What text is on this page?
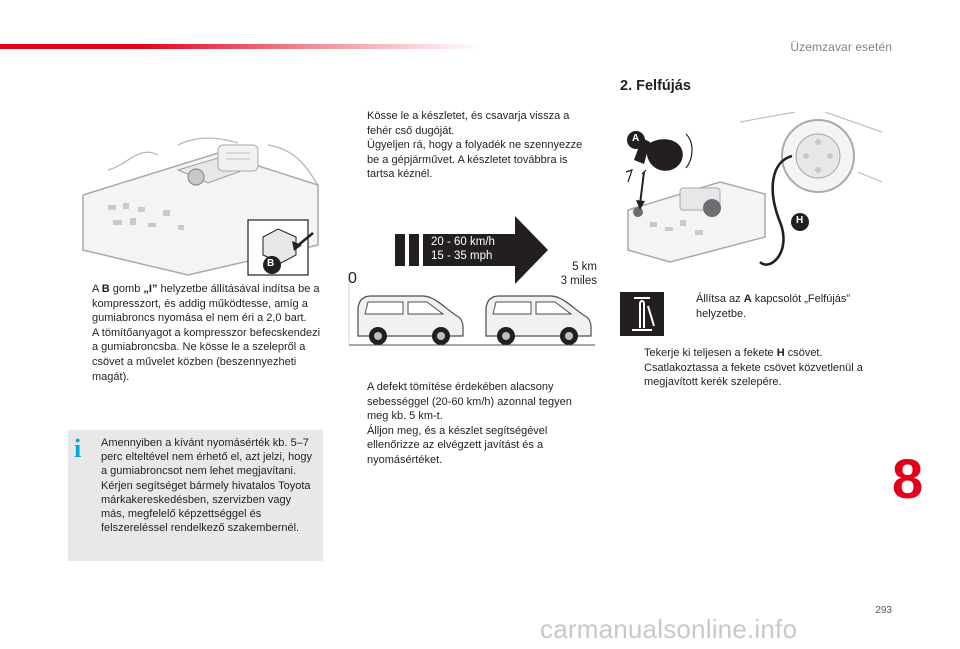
Üzemzavar esetén
B
A B gomb „I” helyzetbe állításával indítsa be a kompresszort, és addig működtesse, amíg a gumiabroncs nyomása el nem éri a 2,0 bart.
A tömítőanyagot a kompresszor befecskendezi a gumiabroncsba. Ne kösse le a szelepről a csövet a művelet közben (beszennyezheti magát).
i Amennyiben a kívánt nyomásérték kb. 5–7 perc elteltével nem érhető el, azt jelzi, hogy a gumiabroncsot nem lehet megjavítani. Kérjen segítséget bármely hivatalos Toyota márkakereskedésben, szervizben vagy más, megfelelő képzettséggel és felszereléssel rendelkező szakembernél.
Kösse le a készletet, és csavarja vissza a fehér cső dugóját.
Ügyeljen rá, hogy a folyadék ne szennyezze be a gépjárművet. A készletet továbbra is tartsa kéznél.
20 - 60 km/h
15 - 35 mph
0
5 km
3 miles
A defekt tömítése érdekében alacsony sebességgel (20-60 km/h) azonnal tegyen meg kb. 5 km-t.
Álljon meg, és a készlet segítségével ellenőrizze az elvégzett javítást és a nyomásértéket.
2. Felfújás
A
H
Állítsa az A kapcsolót „Felfújás” helyzetbe.
Tekerje ki teljesen a fekete H csövet.
Csatlakoztassa a fekete csövet közvetlenül a megjavított kerék szelepére.
8
293
carmanualsonline.info
